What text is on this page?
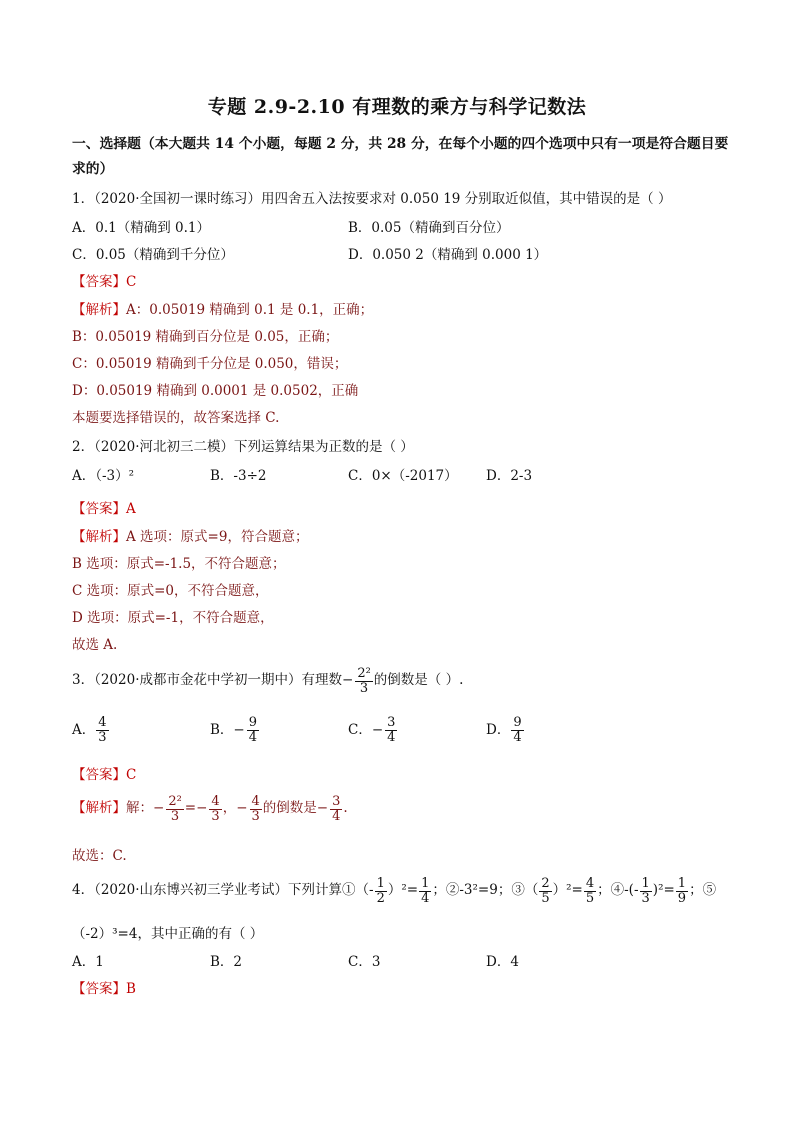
专题 2.9-2.10 有理数的乘方与科学记数法
一、选择题（本大题共 14 个小题，每题 2 分，共 28 分，在每个小题的四个选项中只有一项是符合题目要
求的）
1．（2020·全国初一课时练习）用四舍五入法按要求对 0.050 19 分别取近似值，其中错误的是（ ）
A．0.1（精确到 0.1）	B．0.05（精确到百分位）
C．0.05（精确到千分位）	D．0.050 2（精确到 0.000 1）
【答案】C
【解析】A：0.05019 精确到 0.1 是 0.1，正确；
B：0.05019 精确到百分位是 0.05，正确；
C：0.05019 精确到千分位是 0.050，错误；
D：0.05019 精确到 0.0001 是 0.0502，正确
本题要选择错误的，故答案选择 C.
2．（2020·河北初三二模）下列运算结果为正数的是（ ）
A．（-3）²	B．-3÷2	C．0×（-2017） D．2-3
【答案】A
【解析】A 选项：原式=9，符合题意；
B 选项：原式=-1.5，不符合题意；
C 选项：原式=0，不符合题意，
D 选项：原式=-1，不符合题意，
故选 A.
3．（2020·成都市金花中学初一期中）有理数 − $\frac{\text{2²}}{3}$ 的倒数是（ ）.
A． $\frac{4}{3}$	B． − $\frac{9}{4}$	C． − $\frac{3}{4}$	D． $\frac{9}{4}$
【答案】C
【解析】 解： − $\frac{\text{2²}}{3}$ = − $\frac{4}{3}$ ， − $\frac{4}{3}$ 的倒数是 − $\frac{3}{4}$ .
故选：C.
4．（2020·山东博兴初三学业考试）下列计算①（- $\frac{1}{2} )^2= \frac{1}{4}$ ；②-3²=9；③（ $\frac{2}{5} )^2= \frac{4}{5}$ ；④-(- $\frac{1}{3} )^2= \frac{1}{9}$ ；⑤
（-2）³=4，其中正确的有（ ）
A．1	B．2	C．3	D．4
【答案】B
